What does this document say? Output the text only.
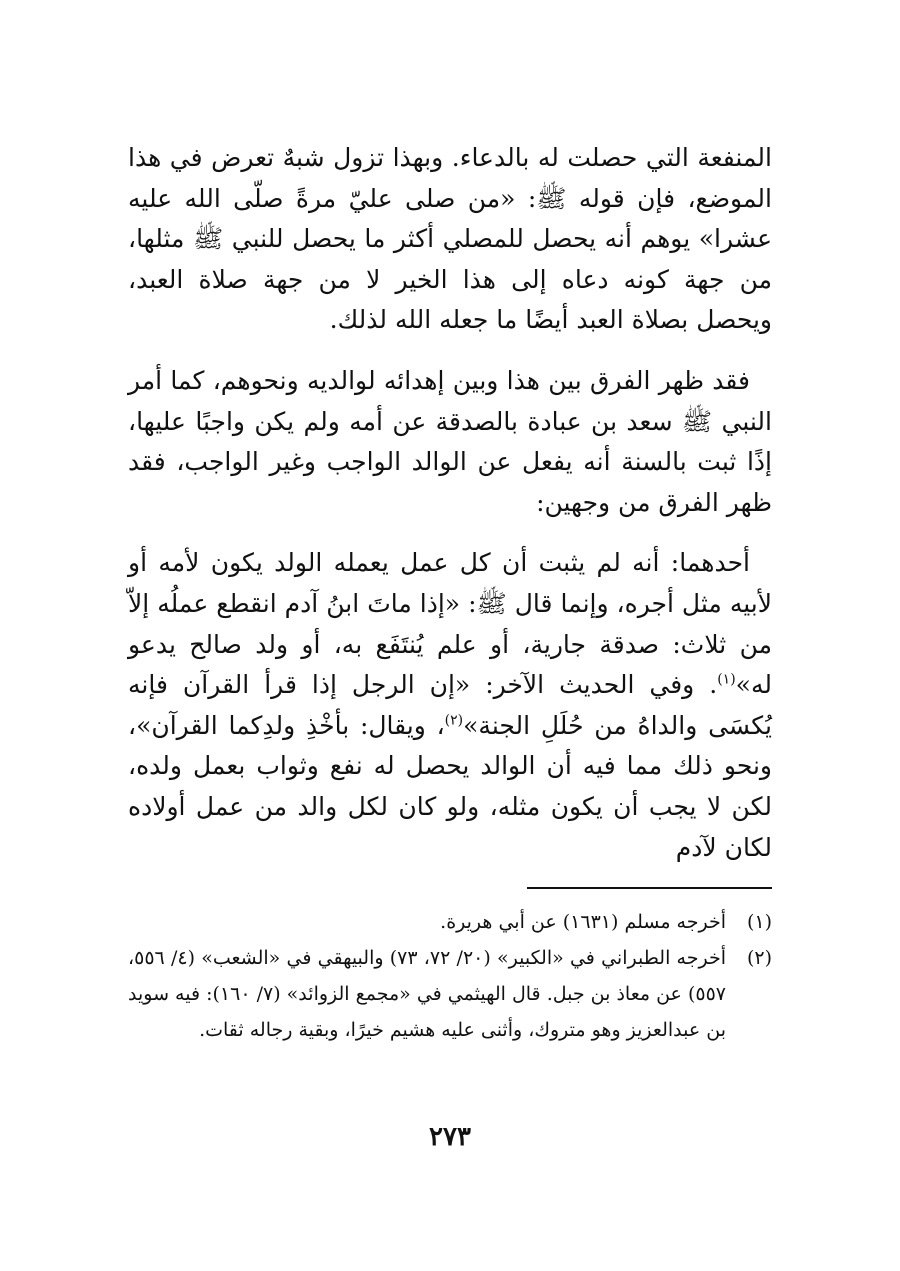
المنفعة التي حصلت له بالدعاء. وبهذا تزول شبهٌ تعرض في هذا الموضع، فإن قوله ﷺ: «من صلى عليّ مرةً صلّى الله عليه عشرا» يوهم أنه يحصل للمصلي أكثر ما يحصل للنبي ﷺ مثلها، من جهة كونه دعاه إلى هذا الخير لا من جهة صلاة العبد، ويحصل بصلاة العبد أيضًا ما جعله الله لذلك.

فقد ظهر الفرق بين هذا وبين إهدائه لوالديه ونحوهم، كما أمر النبي ﷺ سعد بن عبادة بالصدقة عن أمه ولم يكن واجبًا عليها، إذًا ثبت بالسنة أنه يفعل عن الوالد الواجب وغير الواجب، فقد ظهر الفرق من وجهين:

أحدهما: أنه لم يثبت أن كل عمل يعمله الولد يكون لأمه أو لأبيه مثل أجره، وإنما قال ﷺ: «إذا ماتَ ابنُ آدم انقطع عملُه إلاّ من ثلاث: صدقة جارية، أو علم يُنتَفَع به، أو ولد صالح يدعو له»$^{(١)}$. وفي الحديث الآخر: «إن الرجل إذا قرأ القرآن فإنه يُكسَى والداهُ من حُلَلِ الجنة»$^{(٢)}$، ويقال: بأخْذِ ولدِكما القرآن»، ونحو ذلك مما فيه أن الوالد يحصل له نفع وثواب بعمل ولده، لكن لا يجب أن يكون مثله، ولو كان لكل والد من عمل أولاده لكان لآدم

(١)
أخرجه مسلم (١٦٣١) عن أبي هريرة.
(٢)
أخرجه الطبراني في «الكبير» (٢٠/ ٧٢، ٧٣) والبيهقي في «الشعب» (٤/ ٥٥٦، ٥٥٧) عن معاذ بن جبل. قال الهيثمي في «مجمع الزوائد» (٧/ ١٦٠): فيه سويد بن عبدالعزيز وهو متروك، وأثنى عليه هشيم خيرًا، وبقية رجاله ثقات.
٢٧٣
